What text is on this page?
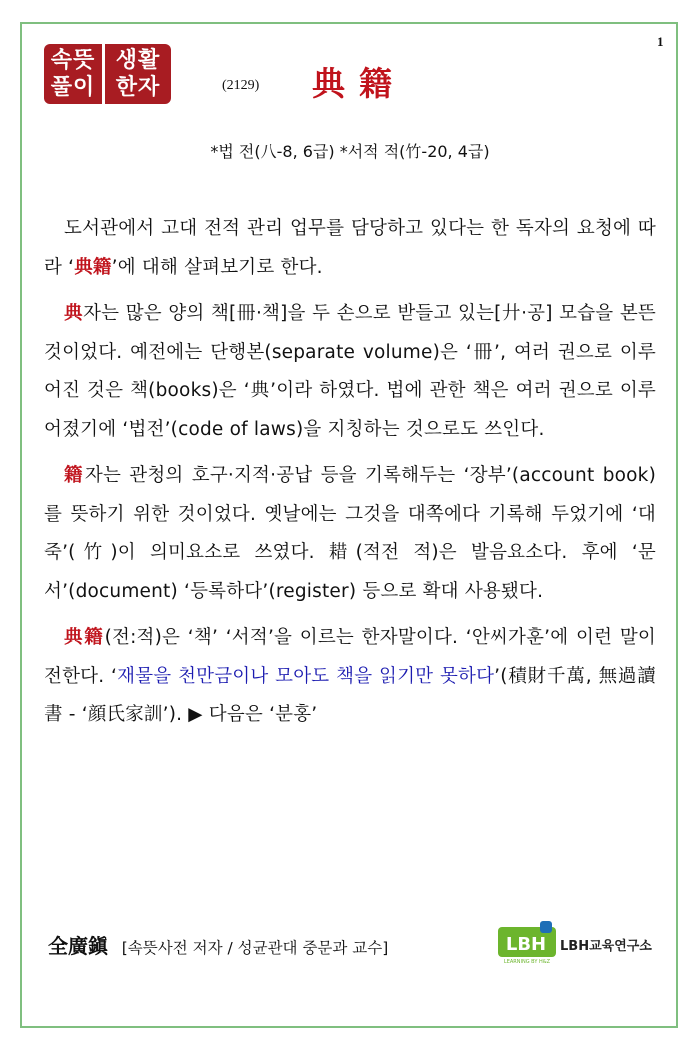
1
속뜻
풀이
생활
한자	(2129) 典籍
*법 전(八-8, 6급) *서적 적(竹-20, 4급)

도서관에서 고대 전적 관리 업무를 담당하고 있다는 한 독자의 요청에 따라 ‘典籍’에 대해 살펴보기로 한다.

典자는 많은 양의 책[冊·책]을 두 손으로 받들고 있는[廾·공] 모습을 본뜬 것이었다. 예전에는 단행본(separate volume)은 ‘冊’, 여러 권으로 이루어진 것은 책(books)은 ‘典’이라 하였다. 법에 관한 책은 여러 권으로 이루어졌기에 ‘법전’(code of laws)을 지칭하는 것으로도 쓰인다.

籍자는 관청의 호구·지적·공납 등을 기록해두는 ‘장부’(account book)를 뜻하기 위한 것이었다. 옛날에는 그것을 대쪽에다 기록해 두었기에 ‘대 죽’(竹)이 의미요소로 쓰였다. 耤(적전 적)은 발음요소다. 후에 ‘문서’(document) ‘등록하다’(register) 등으로 확대 사용됐다.

典籍(전:적)은 ‘책’ ‘서적’을 이르는 한자말이다. ‘안씨가훈’에 이런 말이 전한다. ‘재물을 천만금이나 모아도 책을 읽기만 못하다’(積財千萬, 無過讀書 - ‘顔氏家訓’). ▶ 다음은 ‘분홍’

全廣鎭 [속뜻사전 저자 / 성균관대 중문과 교수]	LBH
LEARNING BY H&Z
LBH교육연구소
